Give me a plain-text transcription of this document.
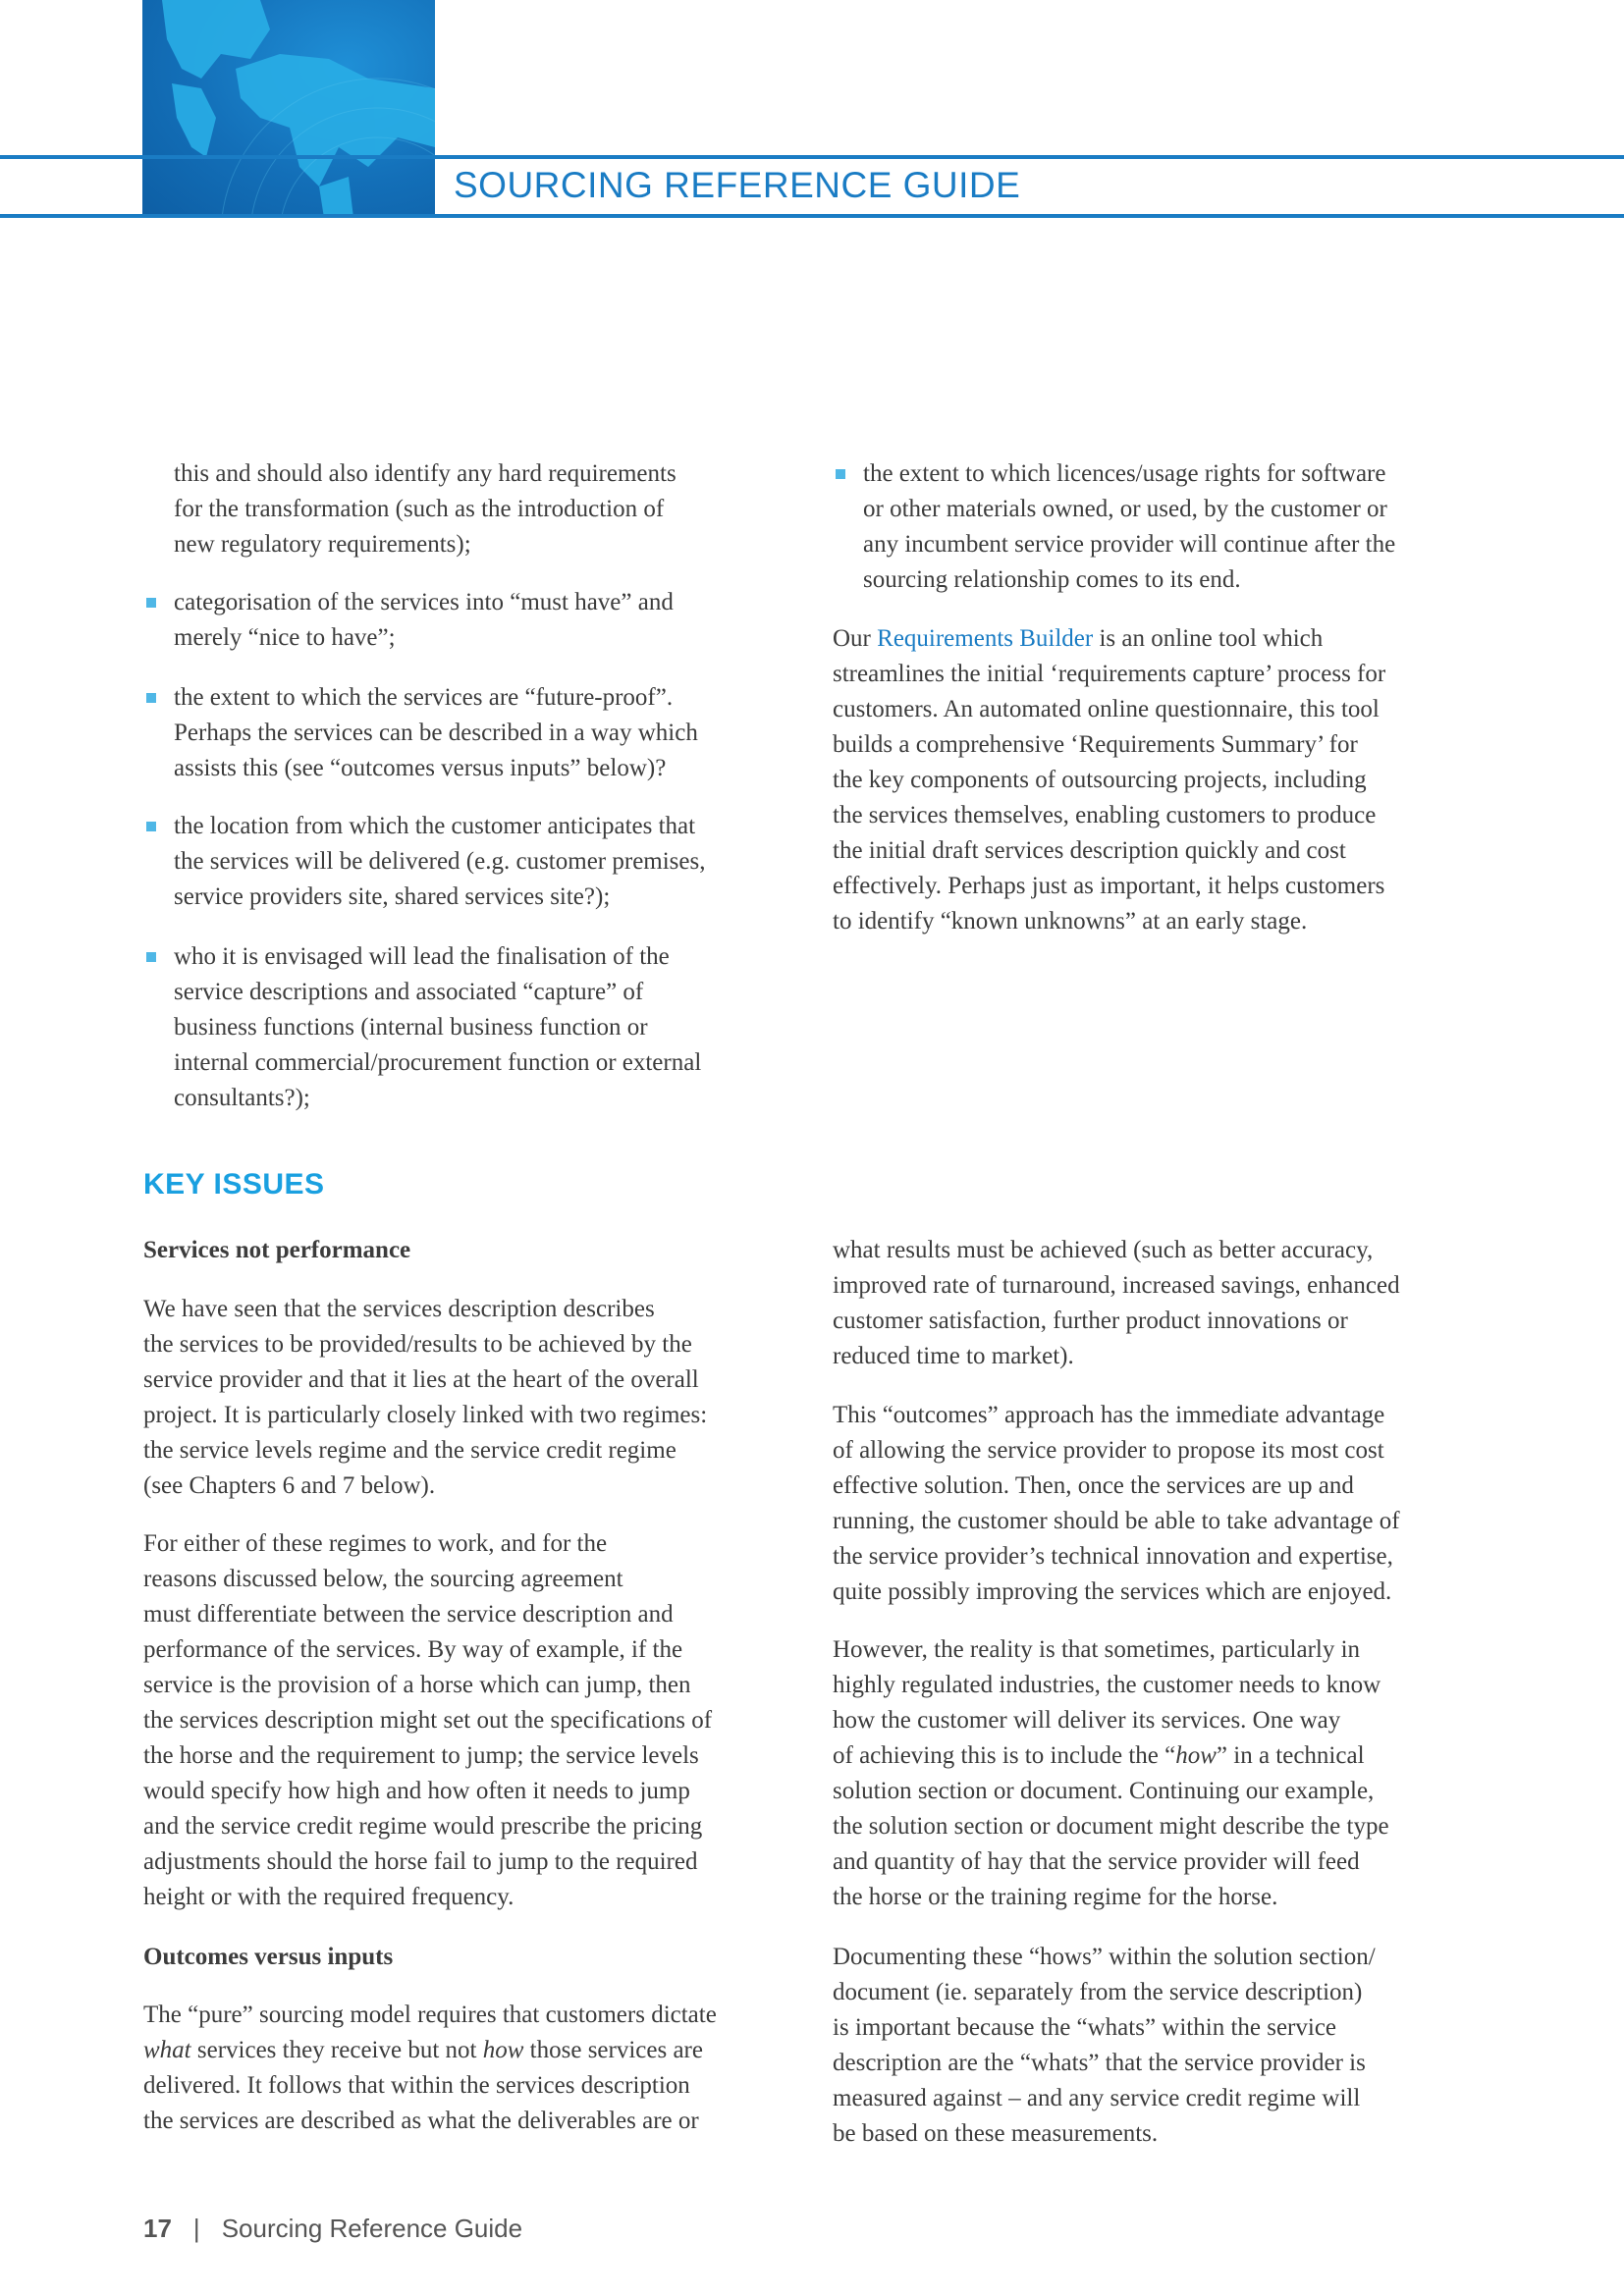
SOURCING REFERENCE GUIDE
this and should also identify any hard requirements
for the transformation (such as the introduction of
new regulatory requirements);
categorisation of the services into “must have” and
merely “nice to have”;
the extent to which the services are “future-proof”.
Perhaps the services can be described in a way which
assists this (see “outcomes versus inputs” below)?
the location from which the customer anticipates that
the services will be delivered (e.g. customer premises,
service providers site, shared services site?);
who it is envisaged will lead the finalisation of the
service descriptions and associated “capture” of
business functions (internal business function or
internal commercial/procurement function or external
consultants?);
the extent to which licences/usage rights for software
or other materials owned, or used, by the customer or
any incumbent service provider will continue after the
sourcing relationship comes to its end.
Our Requirements Builder is an online tool which
streamlines the initial ‘requirements capture’ process for
customers. An automated online questionnaire, this tool
builds a comprehensive ‘Requirements Summary’ for
the key components of outsourcing projects, including
the services themselves, enabling customers to produce
the initial draft services description quickly and cost
effectively. Perhaps just as important, it helps customers
to identify “known unknowns” at an early stage.
We have seen that the services description describes
the services to be provided/results to be achieved by the
service provider and that it lies at the heart of the overall
project. It is particularly closely linked with two regimes:
the service levels regime and the service credit regime
(see Chapters 6 and 7 below).
For either of these regimes to work, and for the
reasons discussed below, the sourcing agreement
must differentiate between the service description and
performance of the services. By way of example, if the
service is the provision of a horse which can jump, then
the services description might set out the specifications of
the horse and the requirement to jump; the service levels
would specify how high and how often it needs to jump
and the service credit regime would prescribe the pricing
adjustments should the horse fail to jump to the required
height or with the required frequency.
The “pure” sourcing model requires that customers dictate
what services they receive but not how those services are
delivered. It follows that within the services description
the services are described as what the deliverables are or
what results must be achieved (such as better accuracy,
improved rate of turnaround, increased savings, enhanced
customer satisfaction, further product innovations or
reduced time to market).
This “outcomes” approach has the immediate advantage
of allowing the service provider to propose its most cost
effective solution. Then, once the services are up and
running, the customer should be able to take advantage of
the service provider’s technical innovation and expertise,
quite possibly improving the services which are enjoyed.
However, the reality is that sometimes, particularly in
highly regulated industries, the customer needs to know
how the customer will deliver its services. One way
of achieving this is to include the “how” in a technical
solution section or document. Continuing our example,
the solution section or document might describe the type
and quantity of hay that the service provider will feed
the horse or the training regime for the horse.
Documenting these “hows” within the solution section/
document (ie. separately from the service description)
is important because the “whats” within the service
description are the “whats” that the service provider is
measured against – and any service credit regime will
be based on these measurements.
KEY ISSUES
Services not performance
Outcomes versus inputs
17 | Sourcing Reference Guide
